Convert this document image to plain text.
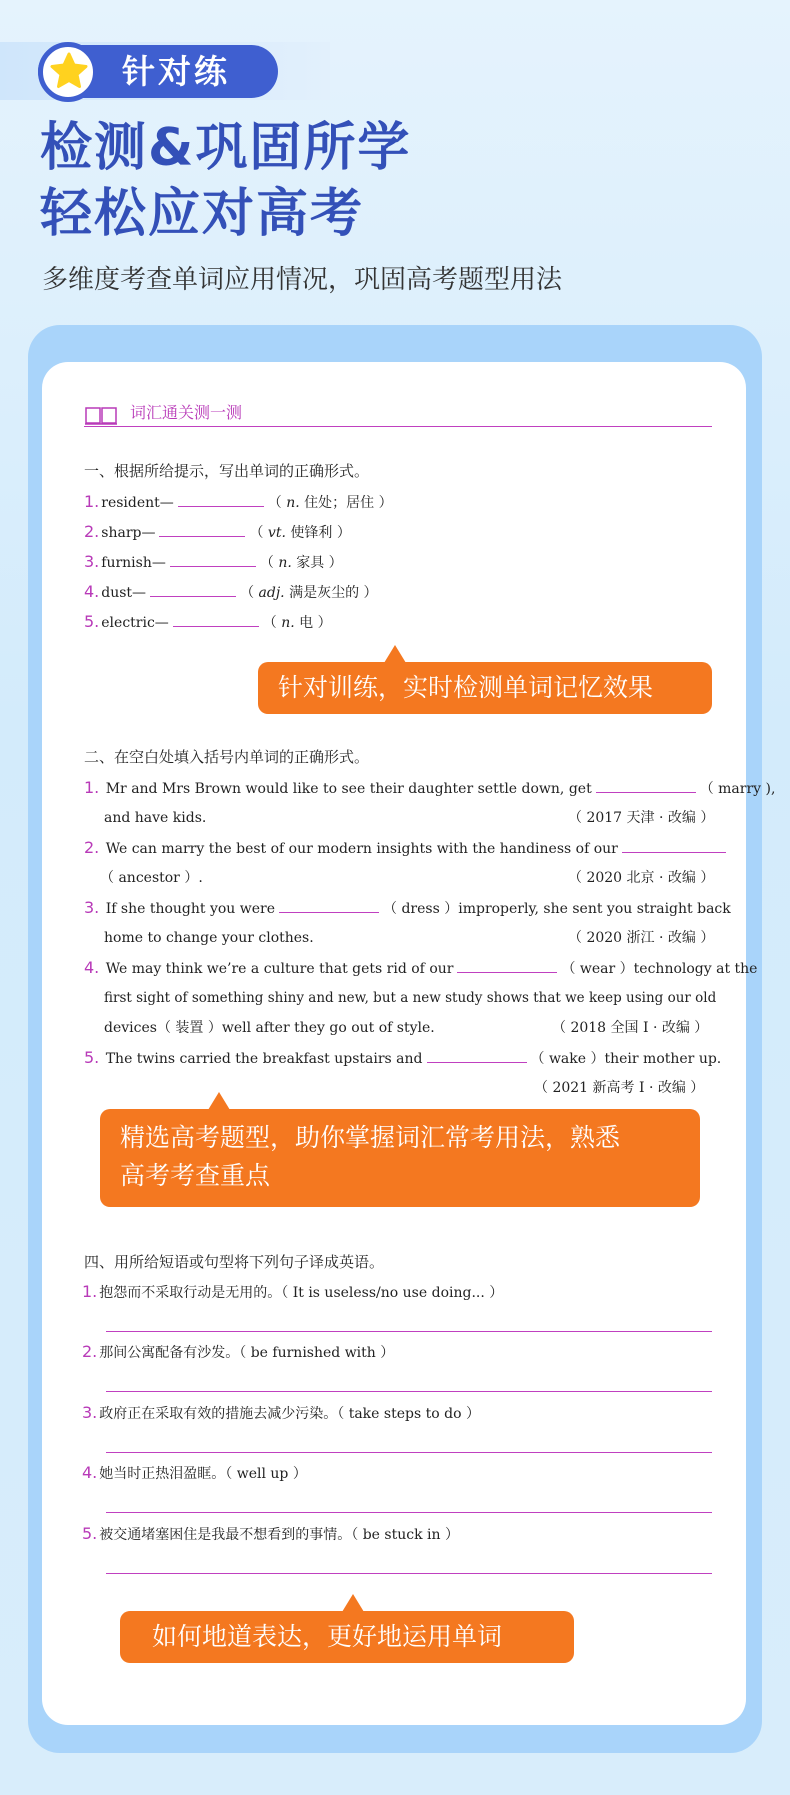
针对练
检测&巩固所学
轻松应对高考
多维度考查单词应用情况，巩固高考题型用法
词汇通关测一测
一、根据所给提示，写出单词的正确形式。
1. resident—	（ n. 住处；居住 ）
2. sharp—	（ vt. 使锋利 ）
3. furnish—	（ n. 家具 ）
4. dust—	（ adj. 满是灰尘的 ）
5. electric—	（ n. 电 ）
针对训练，实时检测单词记忆效果
二、在空白处填入括号内单词的正确形式。
1. Mr and Mrs Brown would like to see their daughter settle down, get	（ marry ),
and have kids.	（ 2017 天津 · 改编 ）
2. We can marry the best of our modern insights with the handiness of our
（ ancestor ）.	（ 2020 北京 · 改编 ）
3. If she thought you were	（ dress ）improperly, she sent you straight back
home to change your clothes.	（ 2020 浙江 · 改编 ）
4. We may think we’re a culture that gets rid of our	（ wear ）technology at the
first sight of something shiny and new, but a new study shows that we keep using our old
devices（ 装置 ）well after they go out of style.	（ 2018 全国 Ⅰ · 改编 ）
5. The twins carried the breakfast upstairs and	（ wake ）their mother up.
（ 2021 新高考 Ⅰ · 改编 ）
精选高考题型，助你掌握词汇常考用法，熟悉
高考考查重点
四、用所给短语或句型将下列句子译成英语。
1. 抱怨而不采取行动是无用的。（ It is useless/no use doing... ）
2. 那间公寓配备有沙发。（ be furnished with ）
3. 政府正在采取有效的措施去减少污染。（ take steps to do ）
4. 她当时正热泪盈眶。（ well up ）
5. 被交通堵塞困住是我最不想看到的事情。（ be stuck in ）
如何地道表达，更好地运用单词
